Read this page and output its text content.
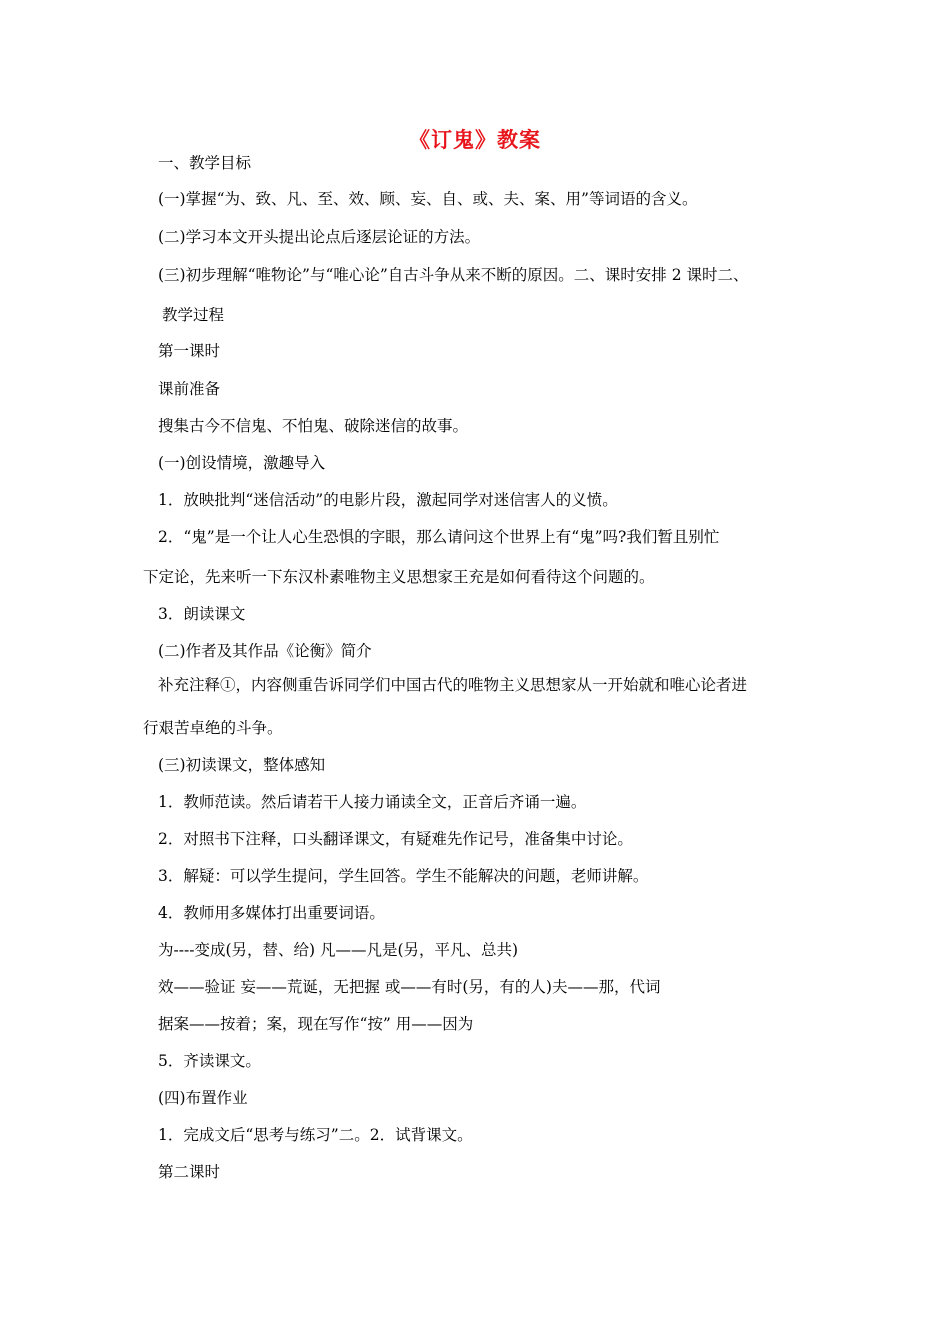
《订鬼》教案
一、教学目标
(一)掌握“为、致、凡、至、效、顾、妄、自、或、夫、案、用”等词语的含义。
(二)学习本文开头提出论点后逐层论证的方法。
(三)初步理解“唯物论”与“唯心论”自古斗争从来不断的原因。二、课时安排 2 课时二、
教学过程
第一课时
课前准备
搜集古今不信鬼、不怕鬼、破除迷信的故事。
(一)创设情境，激趣导入
1．放映批判“迷信活动”的电影片段，激起同学对迷信害人的义愤。
2．“鬼”是一个让人心生恐惧的字眼，那么请问这个世界上有“鬼”吗?我们暂且别忙
下定论，先来听一下东汉朴素唯物主义思想家王充是如何看待这个问题的。
3．朗读课文
(二)作者及其作品《论衡》简介
补充注释①，内容侧重告诉同学们中国古代的唯物主义思想家从一开始就和唯心论者进
行艰苦卓绝的斗争。
(三)初读课文，整体感知
1．教师范读。然后请若干人接力诵读全文，正音后齐诵一遍。
2．对照书下注释，口头翻译课文，有疑难先作记号，准备集中讨论。
3．解疑：可以学生提问，学生回答。学生不能解决的问题，老师讲解。
4．教师用多媒体打出重要词语。
为----变成(另，替、给) 凡——凡是(另，平凡、总共)
效——验证 妄——荒诞，无把握 或——有时(另，有的人)夫——那，代词
据案——按着；案，现在写作“按” 用——因为
5．齐读课文。
(四)布置作业
1．完成文后“思考与练习”二。2．试背课文。
第二课时
